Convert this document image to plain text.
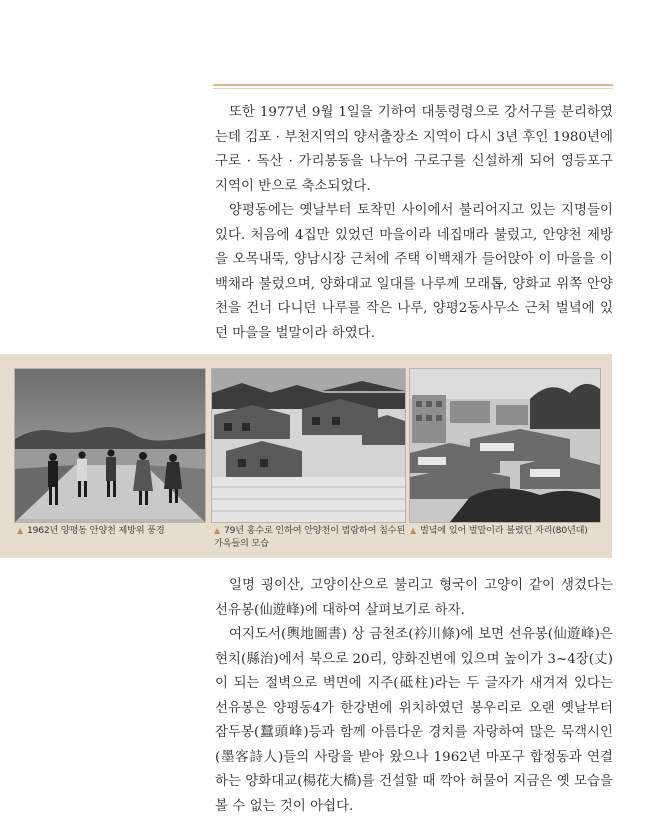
또한 1977년 9월 1일을 기하여 대통령령으로 강서구를 분리하였는데 김포 · 부천지역의 양서출장소 지역이 다시 3년 후인 1980년에 구로 · 독산 · 가리봉동을 나누어 구로구를 신설하게 되어 영등포구 지역이 반으로 축소되었다.

양평동에는 옛날부터 토착민 사이에서 불리어지고 있는 지명들이 있다. 처음에 4집만 있었던 마을이라 네집매라 불렀고, 안양천 제방을 오목내뚝, 양남시장 근처에 주택 이백채가 들어앉아 이 마을을 이백채라 불렀으며, 양화대교 일대를 나루께 모래톱, 양화교 위쪽 안양천을 건너 다니던 나루를 작은 나루, 양평2동사무소 근처 벌녘에 있던 마을을 벌말이라 하였다.

▲ 1962년 양평동 안양천 제방위 풍경	▲ 79년 홍수로 인하여 안양천이 범람하여 침수된 가옥들의 모습
▲ 벌녘에 있어 벌말이라 불렸던 자리(80년대)

일명 굉이산, 고양이산으로 불리고 형국이 고양이 같이 생겼다는 선유봉(仙遊峰)에 대하여 살펴보기로 하자.

여지도서(輿地圖書) 상 금천조(衿川條)에 보면 선유봉(仙遊峰)은 현치(縣治)에서 북으로 20리, 양화진변에 있으며 높이가 3~4장(丈)이 되는 절벽으로 벽면에 지주(砥柱)라는 두 글자가 새겨져 있다는 선유봉은 양평동4가 한강변에 위치하였던 봉우리로 오랜 옛날부터 잠두봉(蠶頭峰)등과 함께 아름다운 경치를 자랑하여 많은 묵객시인(墨客詩人)들의 사랑을 받아 왔으나 1962년 마포구 합정동과 연결하는 양화대교(楊花大橋)를 건설할 때 깍아 허물어 지금은 옛 모습을 볼 수 없는 것이 아쉽다.
